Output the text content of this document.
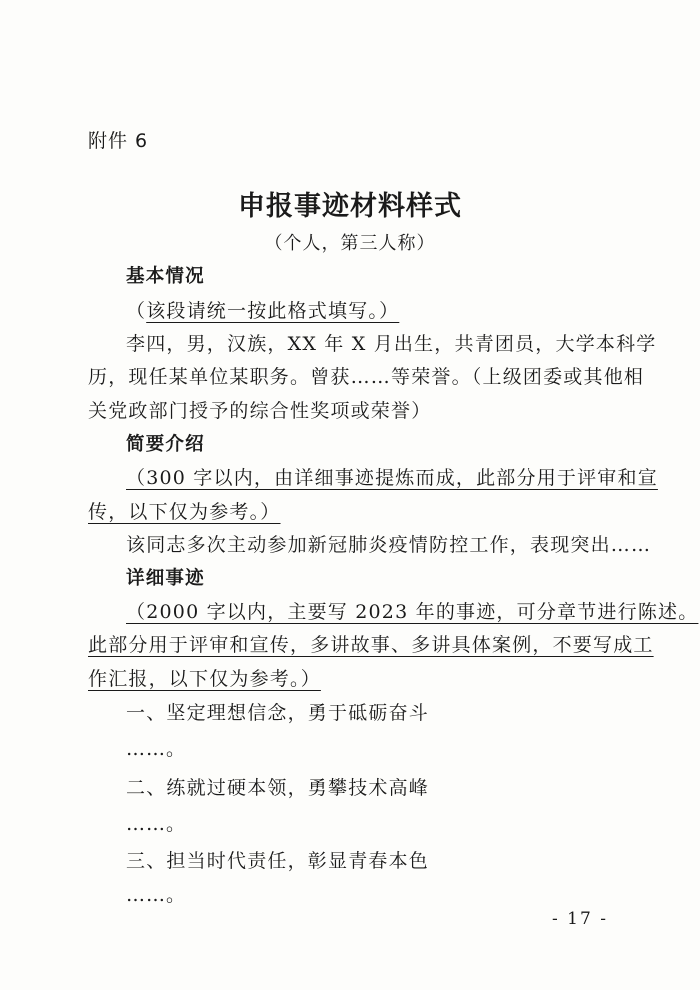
附件 6
申报事迹材料样式
（个人，第三人称）
基本情况
（该段请统一按此格式填写。）
李四，男，汉族，XX 年 X 月出生，共青团员，大学本科学
历，现任某单位某职务。曾获……等荣誉。（上级团委或其他相
关党政部门授予的综合性奖项或荣誉）
简要介绍
（300 字以内，由详细事迹提炼而成，此部分用于评审和宣
传，以下仅为参考。）
该同志多次主动参加新冠肺炎疫情防控工作，表现突出……
详细事迹
（2000 字以内，主要写 2023 年的事迹，可分章节进行陈述。
此部分用于评审和宣传，多讲故事、多讲具体案例，不要写成工
作汇报，以下仅为参考。）
一、坚定理想信念，勇于砥砺奋斗
……。
二、练就过硬本领，勇攀技术高峰
……。
三、担当时代责任，彰显青春本色
……。
- 17 -
